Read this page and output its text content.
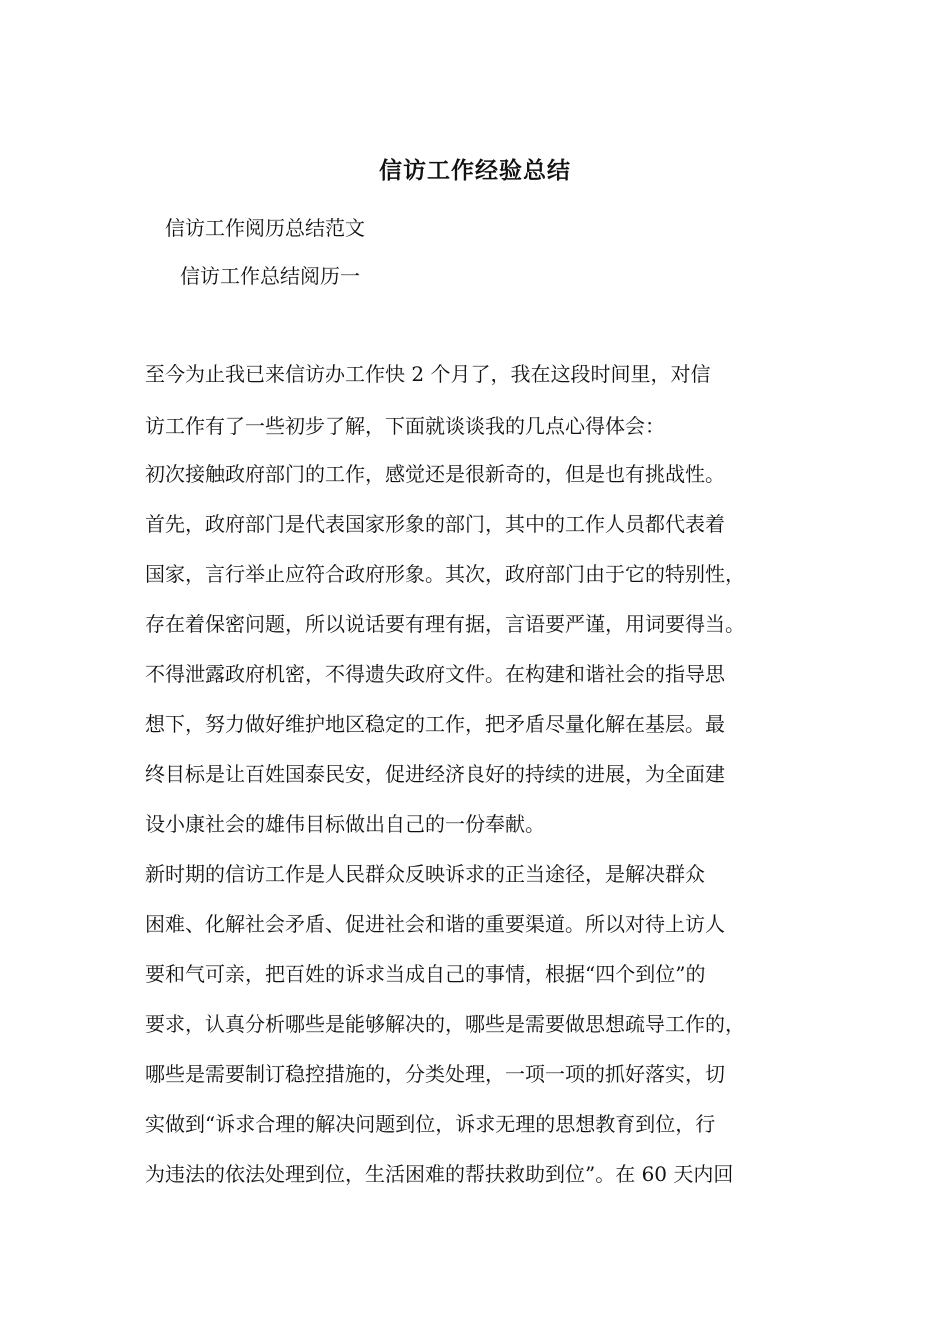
信访工作经验总结
信访工作阅历总结范文
信访工作总结阅历一
至今为止我已来信访办工作快 2 个月了，我在这段时间里，对信
访工作有了一些初步了解，下面就谈谈我的几点心得体会：
初次接触政府部门的工作，感觉还是很新奇的，但是也有挑战性。
首先，政府部门是代表国家形象的部门，其中的工作人员都代表着
国家，言行举止应符合政府形象。其次，政府部门由于它的特别性，
存在着保密问题，所以说话要有理有据，言语要严谨，用词要得当。
不得泄露政府机密，不得遗失政府文件。在构建和谐社会的指导思
想下，努力做好维护地区稳定的工作，把矛盾尽量化解在基层。最
终目标是让百姓国泰民安，促进经济良好的持续的进展，为全面建
设小康社会的雄伟目标做出自己的一份奉献。
新时期的信访工作是人民群众反映诉求的正当途径，是解决群众
困难、化解社会矛盾、促进社会和谐的重要渠道。所以对待上访人
要和气可亲，把百姓的诉求当成自己的事情，根据“四个到位”的
要求，认真分析哪些是能够解决的，哪些是需要做思想疏导工作的，
哪些是需要制订稳控措施的，分类处理，一项一项的抓好落实，切
实做到“诉求合理的解决问题到位，诉求无理的思想教育到位，行
为违法的依法处理到位，生活困难的帮扶救助到位”。在 60 天内回
